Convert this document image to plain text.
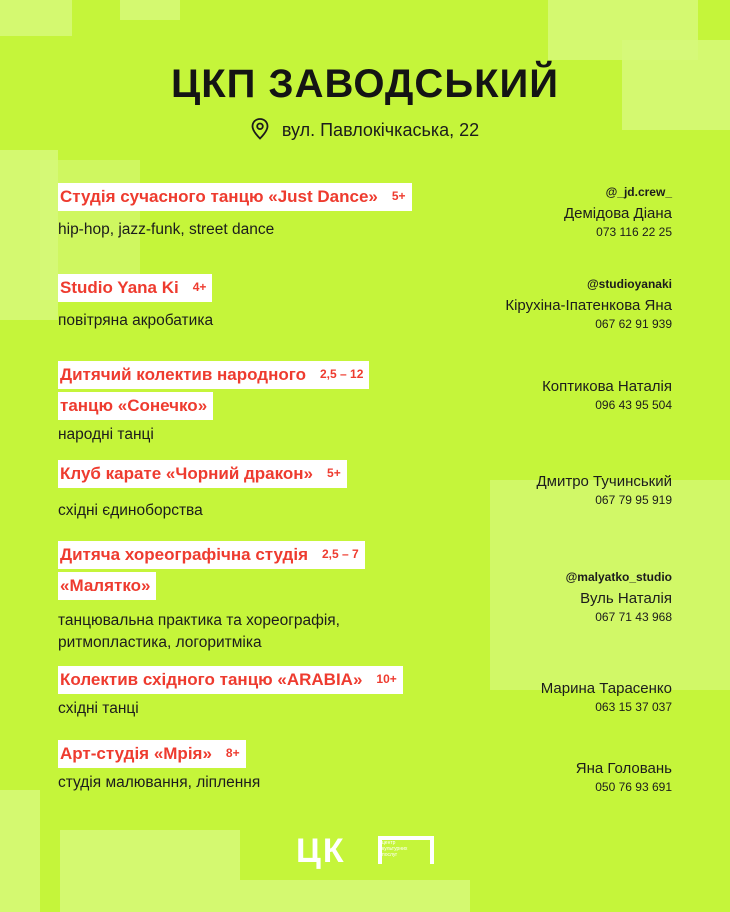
ЦКП ЗАВОДСЬКИЙ
вул. Павлокічкаська, 22
Студія сучасного танцю «Just Dance» 5+
hip-hop, jazz-funk, street dance
@_jd.crew_
Демідова Діана
073 116 22 25
Studio Yana Ki 4+
повітряна акробатика
@studioyanaki
Кірухіна-Іпатенкова Яна
067 62 91 939
Дитячий колектив народного 2,5 – 12
танцю «Сонечко»
народні танці
Коптикова Наталія
096 43 95 504
Клуб карате «Чорний дракон» 5+
східні єдиноборства
Дмитро Тучинський
067 79 95 919
Дитяча хореографічна студія 2,5 – 7
«Малятко»
танцювальна практика та хореографія,
ритмопластика, логоритміка
@malyatko_studio
Вуль Наталія
067 71 43 968
Колектив східного танцю «ARABIA» 10+
східні танці
Марина Тарасенко
063 15 37 037
Арт-студія «Мрія» 8+
студія малювання, ліплення
Яна Головань
050 76 93 691
ЦК	центр
культурних
послуг
